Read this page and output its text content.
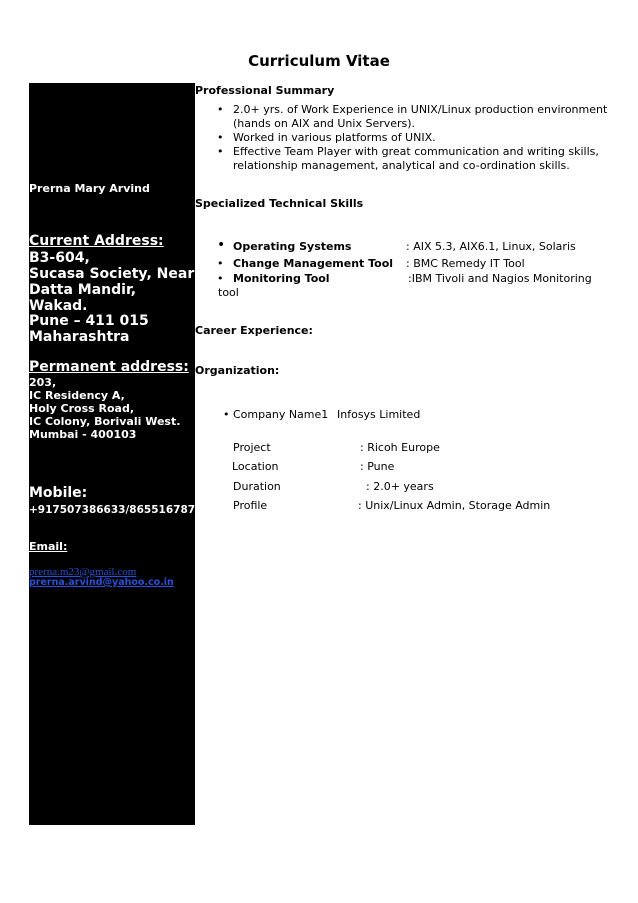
Curriculum Vitae
Prerna Mary Arvind
Current Address:
B3-604,
Sucasa Society, Near
Datta Mandir,
Wakad.
Pune – 411 015
Maharashtra
Permanent address:
203,
IC Residency A,
Holy Cross Road,
IC Colony, Borivali West.
Mumbai - 400103
Mobile:
+917507386633/8655167870
Email:
prerna.m23@gmail.com
prerna.arvind@yahoo.co.in
Professional Summary
• 2.0+ yrs. of Work Experience in UNIX/Linux production environment
(hands on AIX and Unix Servers).
• Worked in various platforms of UNIX.
• Effective Team Player with great communication and writing skills,
relationship management, analytical and co-ordination skills.
Specialized Technical Skills
• Operating Systems	: AIX 5.3, AIX6.1, Linux, Solaris
• Change Management Tool : BMC Remedy IT Tool
• Monitoring Tool	:IBM Tivoli and Nagios Monitoring
tool
Career Experience:
Organization:
• Company Name1 Infosys Limited
Project	: Ricoh Europe
Location	: Pune
Duration	: 2.0+ years
Profile	: Unix/Linux Admin, Storage Admin
